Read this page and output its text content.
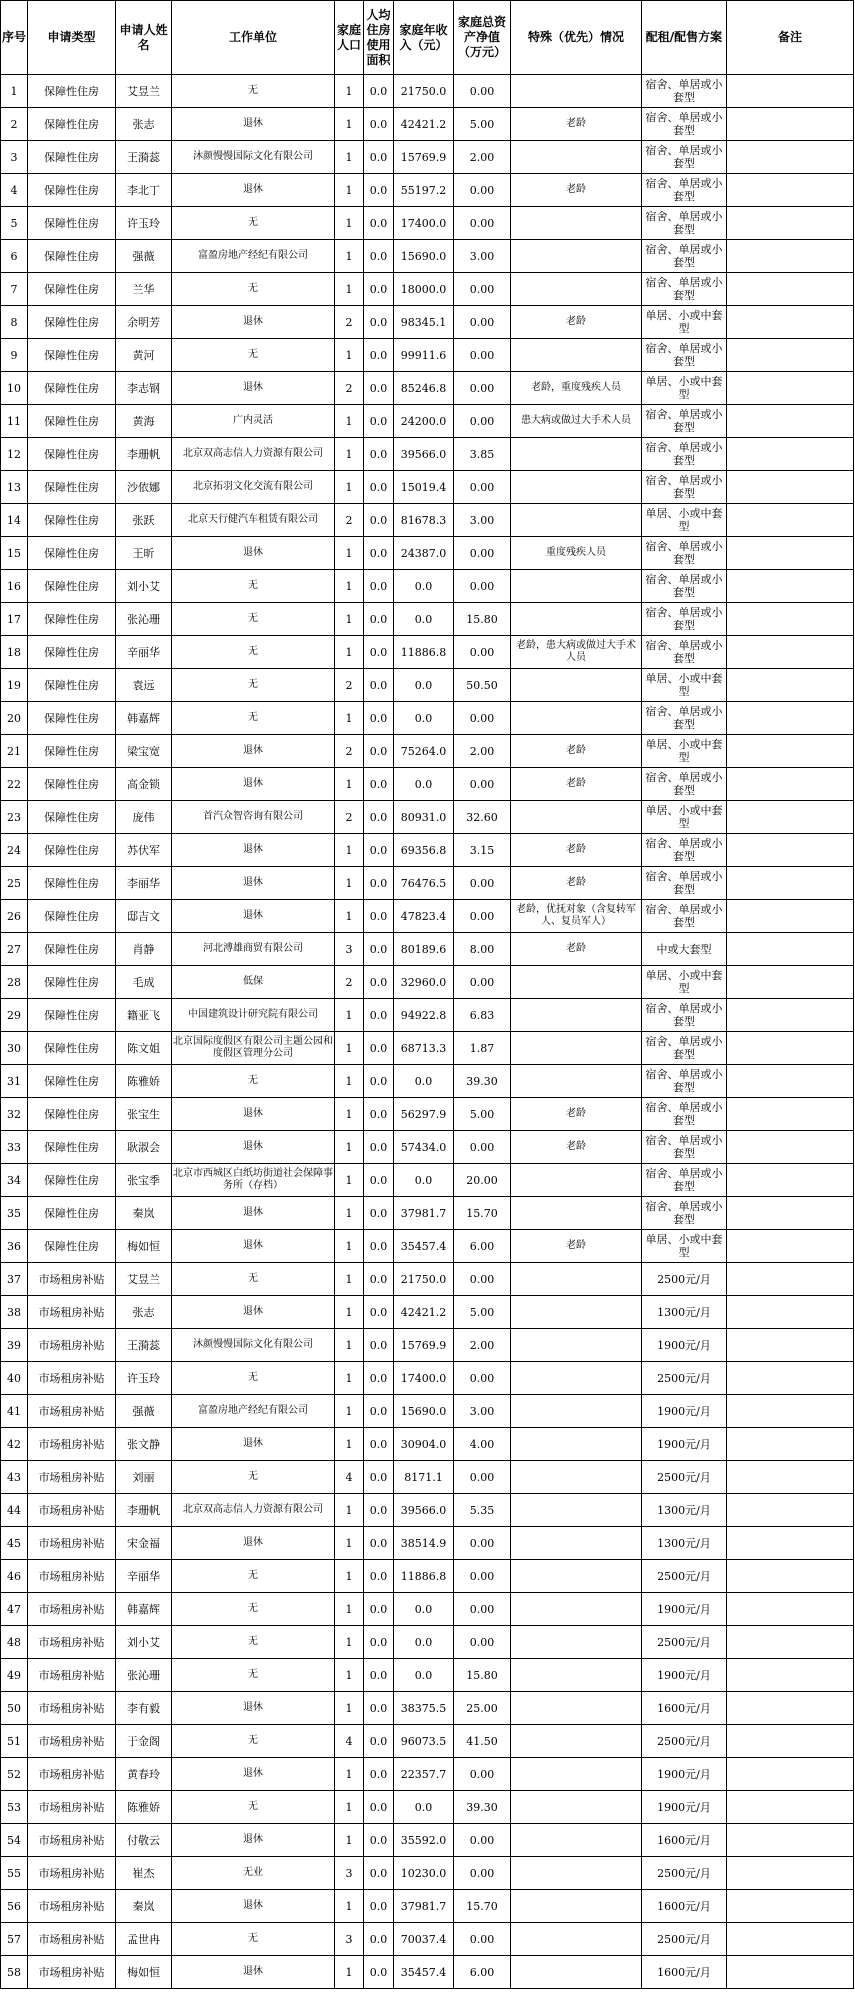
序号	申请类型	申请人姓名	工作单位	家庭人口	人均住房使用面积	家庭年收入（元）	家庭总资产净值（万元）	特殊（优先）情况	配租/配售方案	备注
1	保障性住房	艾昱兰	无	1	0.0	21750.0	0.00		宿舍、单居或小套型	
2	保障性住房	张志	退休	1	0.0	42421.2	5.00	老龄	宿舍、单居或小套型	
3	保障性住房	王漪蕊	沐颜慢慢国际文化有限公司	1	0.0	15769.9	2.00		宿舍、单居或小套型	
4	保障性住房	李北丁	退休	1	0.0	55197.2	0.00	老龄	宿舍、单居或小套型	
5	保障性住房	许玉玲	无	1	0.0	17400.0	0.00		宿舍、单居或小套型	
6	保障性住房	强薇	富盈房地产经纪有限公司	1	0.0	15690.0	3.00		宿舍、单居或小套型	
7	保障性住房	兰华	无	1	0.0	18000.0	0.00		宿舍、单居或小套型	
8	保障性住房	余明芳	退休	2	0.0	98345.1	0.00	老龄	单居、小或中套型	
9	保障性住房	黄河	无	1	0.0	99911.6	0.00		宿舍、单居或小套型	
10	保障性住房	李志钢	退休	2	0.0	85246.8	0.00	老龄，重度残疾人员	单居、小或中套型	
11	保障性住房	黄海	广内灵活	1	0.0	24200.0	0.00	患大病或做过大手术人员	宿舍、单居或小套型	
12	保障性住房	李珊帆	北京双高志信人力资源有限公司	1	0.0	39566.0	3.85		宿舍、单居或小套型	
13	保障性住房	沙依娜	北京拓羽文化交流有限公司	1	0.0	15019.4	0.00		宿舍、单居或小套型	
14	保障性住房	张跃	北京天行健汽车租赁有限公司	2	0.0	81678.3	3.00		单居、小或中套型	
15	保障性住房	王昕	退休	1	0.0	24387.0	0.00	重度残疾人员	宿舍、单居或小套型	
16	保障性住房	刘小艾	无	1	0.0	0.0	0.00		宿舍、单居或小套型	
17	保障性住房	张沁珊	无	1	0.0	0.0	15.80		宿舍、单居或小套型	
18	保障性住房	辛丽华	无	1	0.0	11886.8	0.00	老龄，患大病或做过大手术人员	宿舍、单居或小套型	
19	保障性住房	袁远	无	2	0.0	0.0	50.50		单居、小或中套型	
20	保障性住房	韩嘉辉	无	1	0.0	0.0	0.00		宿舍、单居或小套型	
21	保障性住房	梁宝宽	退休	2	0.0	75264.0	2.00	老龄	单居、小或中套型	
22	保障性住房	高金锁	退休	1	0.0	0.0	0.00	老龄	宿舍、单居或小套型	
23	保障性住房	庞伟	首汽众智咨询有限公司	2	0.0	80931.0	32.60		单居、小或中套型	
24	保障性住房	苏伏军	退休	1	0.0	69356.8	3.15	老龄	宿舍、单居或小套型	
25	保障性住房	李丽华	退休	1	0.0	76476.5	0.00	老龄	宿舍、单居或小套型	
26	保障性住房	邸吉文	退休	1	0.0	47823.4	0.00	老龄，优抚对象（含复转军人、复员军人）	宿舍、单居或小套型	
27	保障性住房	肖静	河北溥雄商贸有限公司	3	0.0	80189.6	8.00	老龄	中或大套型	
28	保障性住房	毛成	低保	2	0.0	32960.0	0.00		单居、小或中套型	
29	保障性住房	籍亚飞	中国建筑设计研究院有限公司	1	0.0	94922.8	6.83		宿舍、单居或小套型	
30	保障性住房	陈文姐	北京国际度假区有限公司主题公园和度假区管理分公司	1	0.0	68713.3	1.87		宿舍、单居或小套型	
31	保障性住房	陈雅娇	无	1	0.0	0.0	39.30		宿舍、单居或小套型	
32	保障性住房	张宝生	退休	1	0.0	56297.9	5.00	老龄	宿舍、单居或小套型	
33	保障性住房	耿淑会	退休	1	0.0	57434.0	0.00	老龄	宿舍、单居或小套型	
34	保障性住房	张宝季	北京市西城区白纸坊街道社会保障事务所（存档）	1	0.0	0.0	20.00		宿舍、单居或小套型	
35	保障性住房	秦岚	退休	1	0.0	37981.7	15.70		宿舍、单居或小套型	
36	保障性住房	梅如恒	退休	1	0.0	35457.4	6.00	老龄	单居、小或中套型	
37	市场租房补贴	艾昱兰	无	1	0.0	21750.0	0.00		2500元/月	
38	市场租房补贴	张志	退休	1	0.0	42421.2	5.00		1300元/月	
39	市场租房补贴	王漪蕊	沐颜慢慢国际文化有限公司	1	0.0	15769.9	2.00		1900元/月	
40	市场租房补贴	许玉玲	无	1	0.0	17400.0	0.00		2500元/月	
41	市场租房补贴	强薇	富盈房地产经纪有限公司	1	0.0	15690.0	3.00		1900元/月	
42	市场租房补贴	张文静	退休	1	0.0	30904.0	4.00		1900元/月	
43	市场租房补贴	刘丽	无	4	0.0	8171.1	0.00		2500元/月	
44	市场租房补贴	李珊帆	北京双高志信人力资源有限公司	1	0.0	39566.0	5.35		1300元/月	
45	市场租房补贴	宋金福	退休	1	0.0	38514.9	0.00		1300元/月	
46	市场租房补贴	辛丽华	无	1	0.0	11886.8	0.00		2500元/月	
47	市场租房补贴	韩嘉辉	无	1	0.0	0.0	0.00		1900元/月	
48	市场租房补贴	刘小艾	无	1	0.0	0.0	0.00		2500元/月	
49	市场租房补贴	张沁珊	无	1	0.0	0.0	15.80		1900元/月	
50	市场租房补贴	李有毅	退休	1	0.0	38375.5	25.00		1600元/月	
51	市场租房补贴	于金阁	无	4	0.0	96073.5	41.50		2500元/月	
52	市场租房补贴	黄春玲	退休	1	0.0	22357.7	0.00		1900元/月	
53	市场租房补贴	陈雅娇	无	1	0.0	0.0	39.30		1900元/月	
54	市场租房补贴	付敬云	退休	1	0.0	35592.0	0.00		1600元/月	
55	市场租房补贴	崔杰	无业	3	0.0	10230.0	0.00		2500元/月	
56	市场租房补贴	秦岚	退休	1	0.0	37981.7	15.70		1600元/月	
57	市场租房补贴	孟世冉	无	3	0.0	70037.4	0.00		2500元/月	
58	市场租房补贴	梅如恒	退休	1	0.0	35457.4	6.00		1600元/月	
